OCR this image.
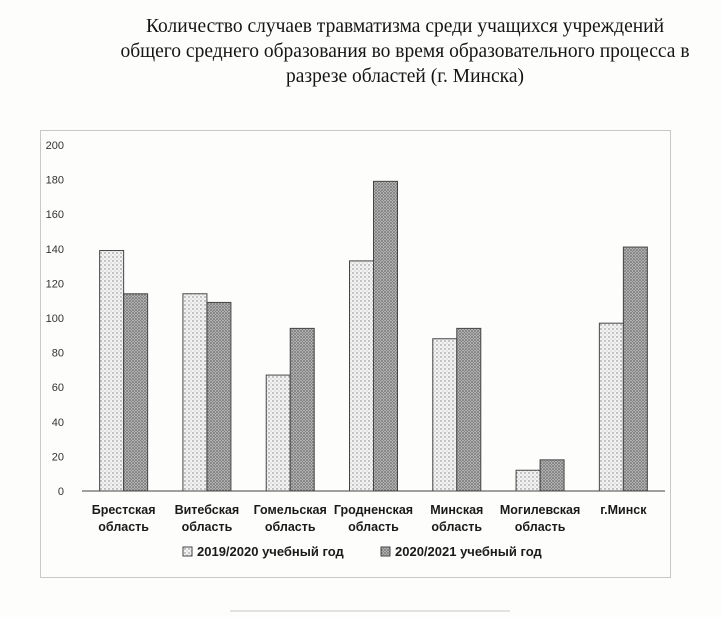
Количество случаев травматизма среди учащихся учреждений
общего среднего образования во время образовательного процесса в
разрезе областей (г. Минска)
0
20
40
60
80
100
120
140
160
180
200
Брестская
область
Витебская
область
Гомельская
область
Гродненская
область
Минская
область
Могилевская
область
г.Минск
2019/2020 учебный год	2020/2021 учебный год
